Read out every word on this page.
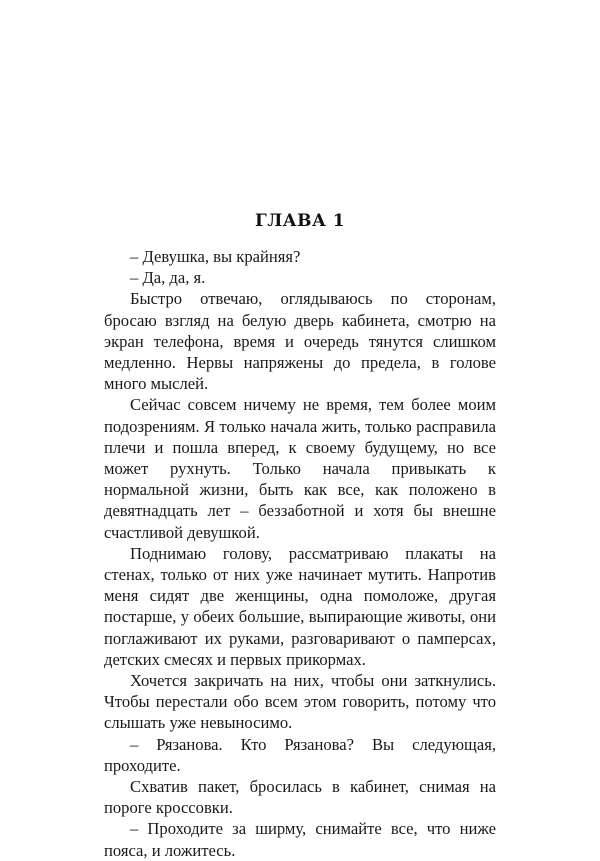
ГЛАВА 1

– Девушка, вы крайняя?

– Да, да, я.

Быстро отвечаю, оглядываюсь по сторонам, бросаю взгляд на белую дверь кабинета, смотрю на экран телефона, время и очередь тянутся слишком медленно. Нервы напряжены до предела, в голове много мыслей.

Сейчас совсем ничему не время, тем более моим подозрениям. Я только начала жить, только расправила плечи и пошла вперед, к своему будущему, но все может рухнуть. Только начала привыкать к нормальной жизни, быть как все, как положено в девятнадцать лет – беззаботной и хотя бы внешне счастливой девушкой.

Поднимаю голову, рассматриваю плакаты на стенах, только от них уже начинает мутить. Напротив меня сидят две женщины, одна помоложе, другая постарше, у обеих большие, выпирающие животы, они поглаживают их руками, разговаривают о памперсах, детских смесях и первых прикормах.

Хочется закричать на них, чтобы они заткнулись. Чтобы перестали обо всем этом говорить, потому что слышать уже невыносимо.

– Рязанова. Кто Рязанова? Вы следующая, проходите.

Схватив пакет, бросилась в кабинет, снимая на пороге кроссовки.

– Проходите за ширму, снимайте все, что ниже пояса, и ложитесь.
